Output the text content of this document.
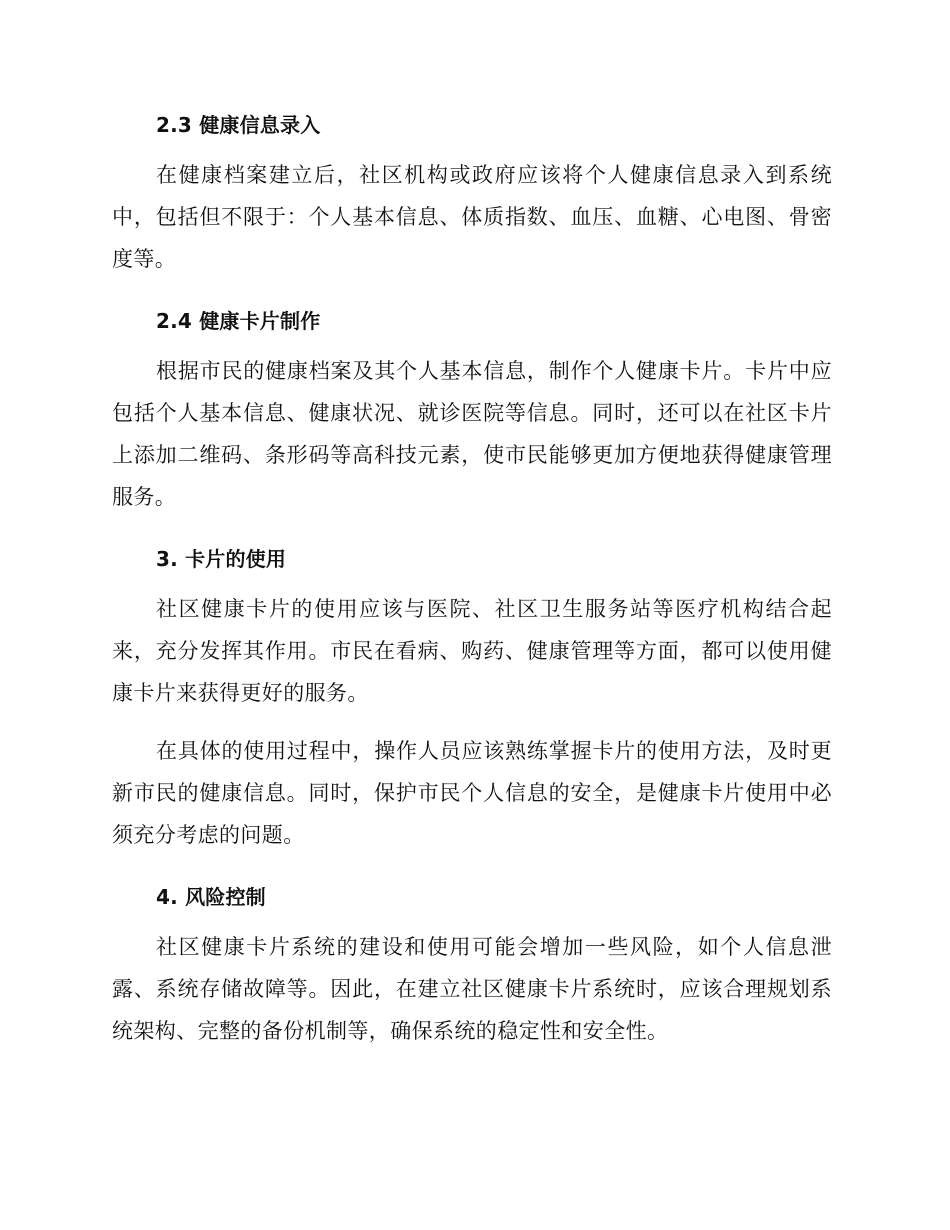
2.3 健康信息录入

在健康档案建立后，社区机构或政府应该将个人健康信息录入到系统中，包括但不限于：个人基本信息、体质指数、血压、血糖、心电图、骨密度等。

2.4 健康卡片制作

根据市民的健康档案及其个人基本信息，制作个人健康卡片。卡片中应包括个人基本信息、健康状况、就诊医院等信息。同时，还可以在社区卡片上添加二维码、条形码等高科技元素，使市民能够更加方便地获得健康管理服务。

3. 卡片的使用

社区健康卡片的使用应该与医院、社区卫生服务站等医疗机构结合起来，充分发挥其作用。市民在看病、购药、健康管理等方面，都可以使用健康卡片来获得更好的服务。

在具体的使用过程中，操作人员应该熟练掌握卡片的使用方法，及时更新市民的健康信息。同时，保护市民个人信息的安全，是健康卡片使用中必须充分考虑的问题。

4. 风险控制

社区健康卡片系统的建设和使用可能会增加一些风险，如个人信息泄露、系统存储故障等。因此，在建立社区健康卡片系统时，应该合理规划系统架构、完整的备份机制等，确保系统的稳定性和安全性。
